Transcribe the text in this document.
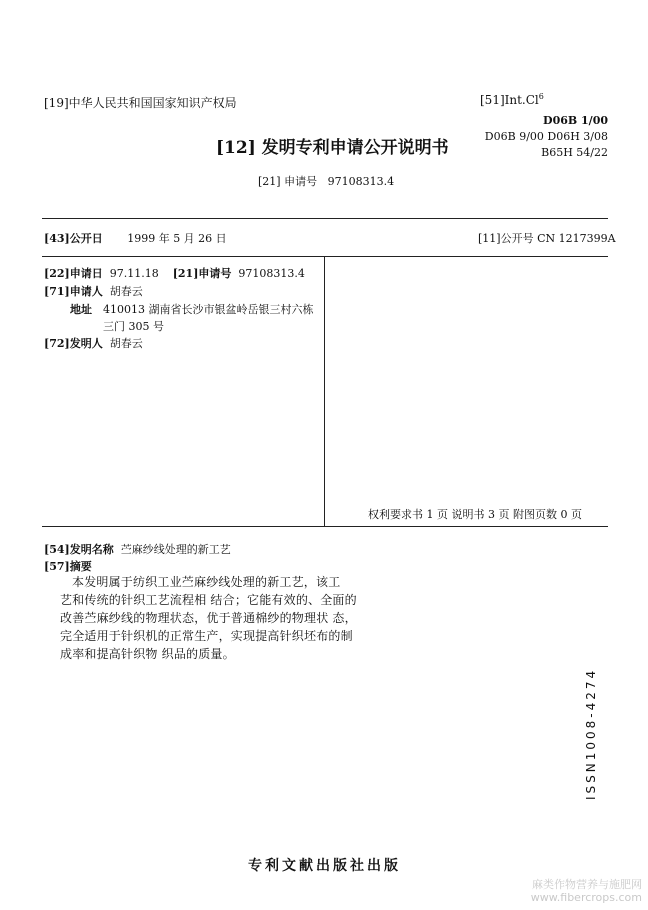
[19]中华人民共和国国家知识产权局	[51]Int.Cl$^6$
D06B 1/00
D06B 9/00 D06H 3/08
B65H 54/22
[12] 发明专利申请公开说明书
[21] 申请号 97108313.4
[43]公开日 1999 年 5 月 26 日	[11]公开号 CN 1217399A
[22]申请日 97.11.18 [21]申请号 97108313.4
[71]申请人 胡春云
地址 410013 湖南省长沙市银盆岭岳银三村六栋
三门 305 号
[72]发明人 胡春云
权利要求书 1 页 说明书 3 页 附图页数 0 页
[54]发明名称 苎麻纱线处理的新工艺
[57]摘要
本发明属于纺织工业苎麻纱线处理的新工艺，该工
艺和传统的针织工艺流程相 结合；它能有效的、全面的
改善苎麻纱线的物理状态，优于普通棉纱的物理状 态，
完全适用于针织机的正常生产，实现提高针织坯布的制
成率和提高针织物 织品的质量。
ISSN1008-4274
专利文献出版社出版
麻类作物营养与施肥网
www.fibercrops.com
